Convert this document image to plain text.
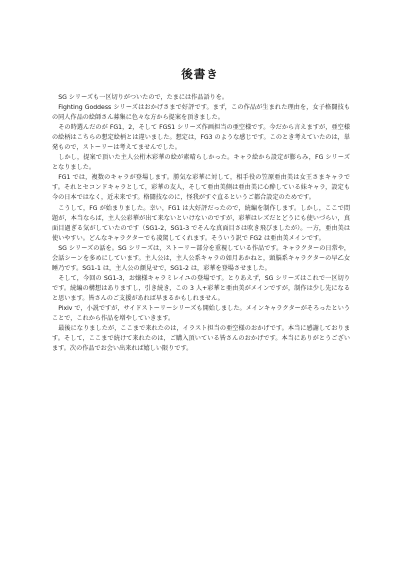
後書き

SG シリーズも一区切りがついたので，たまには作品語りを。

Fighting Goddess シリーズはおかげさまで好評です。まず，この作品が生まれた理由を，女子格闘技もの同人作品の絵師さん募集に色々な方から提案を頂きました。

その時選んだのが FG1，2，そして FGS1 シリーズ作画担当の亜空様です。今だから言えますが，亜空様の絵柄はこちらの想定絵柄とは違いました。想定は，FG3 のような感じです。このとき考えていたのは，単発もので，ストーリーは考えてませんでした。

しかし，提案で頂いた主人公桁木彩華の絵が素晴らしかった。キャラ絵から設定が膨らみ，FG シリーズとなりました。

FG1 では，複数のキャラが登場します。勝気な彩華に対して，相手役の笠原亜由美は女王さまキャラです。それとセコンドキャラとして，彩華の友人，そして亜由美側は亜由美に心酔している妹キャラ，設定も今の日本ではなく，近未来です。格闘技なのに，怪我がすぐ直るというご都合設定のためです。

こうして，FG が始まりました。幸い，FG1 は大好評だったので，続編を制作します。しかし，ここで問題が，本当ならば，主人公彩華が出て来ないといけないのですが，彩華はレズだとどうにも使いづらい，真面目過ぎる気がしていたのです（SG1-2，SG1-3 でそんな真面目さは吹き飛びましたが）。一方，亜由美は使いやすい。どんなキャラクターでも凌駕してくれます。そういう訳で FG2 は亜由美メインです。

SG シリーズの話を。SG シリーズは，ストーリー部分を重視している作品です。キャラクターの日常や，会話シーンを多めにしています。主人公は，主人公系キャラの如月あかねと，頭脳系キャラクターの早乙女睡乃です。SG1-1 は，主人公の顔見せで，SG1-2 は，彩華を登場させました。

そして，今回の SG1-3，お嬢様キャラミレイユの登場です。とりあえず，SG シリーズはこれで一区切りです。続編の構想はありますし，引き続き，この 3 人+彩華と亜由美がメインですが，制作は少し先になると思います。皆さんのご支援があれば早まるかもしれません。

Pixiv で，小説ですが，サイドストーリーシリーズも開始しました。メインキャラクターがそろったということで，これから作品を増やしていきます。

最後になりましたが，ここまで来れたのは，イラスト担当の亜空様のおかげです。本当に感謝しております。そして，ここまで続けて来れたのは，ご購入頂いている皆さんのおかげです。本当にありがとうございます。次の作品でお会い出来れば嬉しい限りです。
